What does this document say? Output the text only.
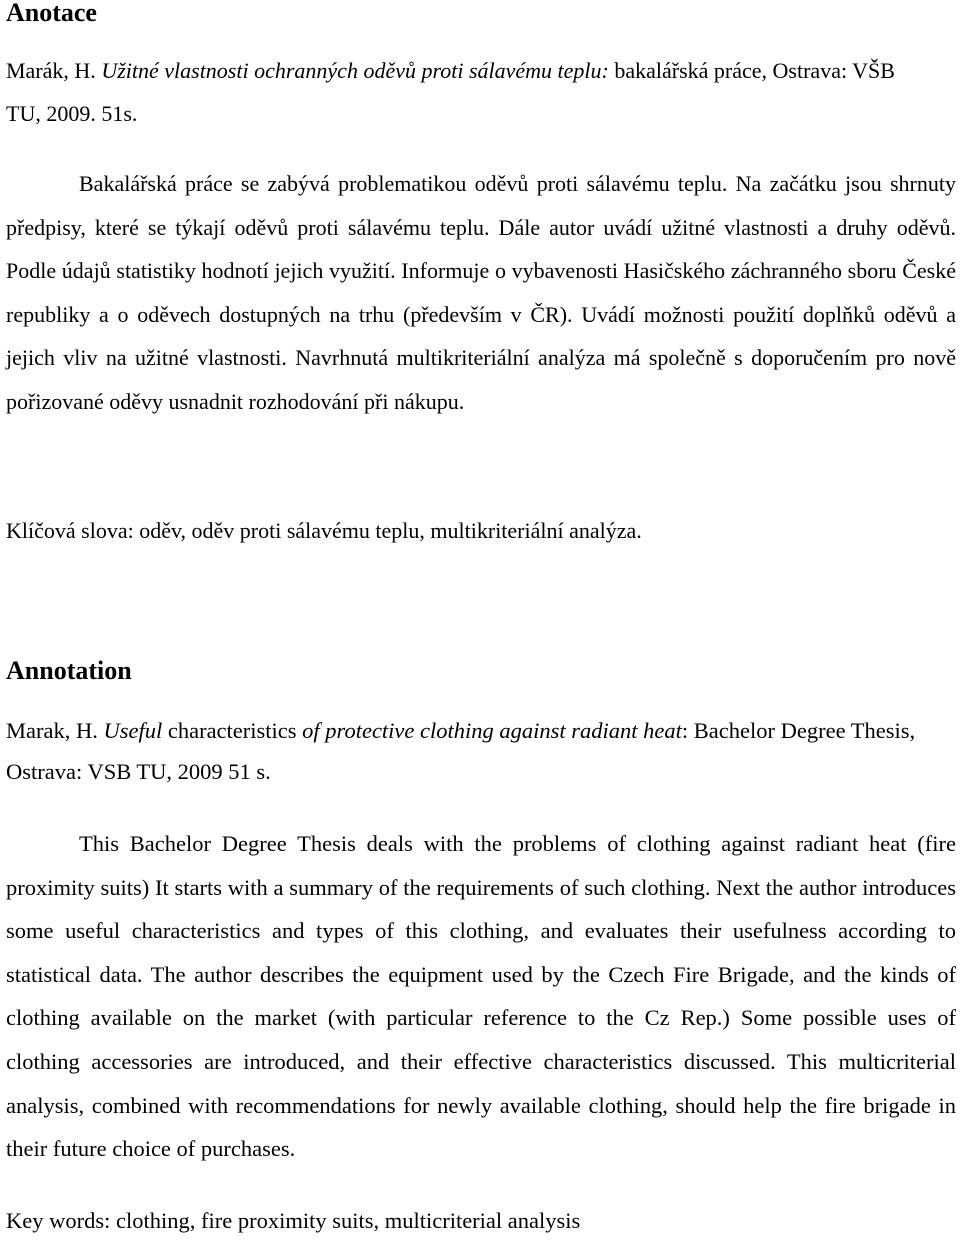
Anotace

Marák, H. Užitné vlastnosti ochranných oděvů proti sálavému teplu: bakalářská práce, Ostrava: VŠB TU, 2009. 51s.

Bakalářská práce se zabývá problematikou oděvů proti sálavému teplu. Na začátku jsou shrnuty předpisy, které se týkají oděvů proti sálavému teplu. Dále autor uvádí užitné vlastnosti a druhy oděvů. Podle údajů statistiky hodnotí jejich využití. Informuje o vybavenosti Hasičského záchranného sboru České republiky a o oděvech dostupných na trhu (především v ČR). Uvádí možnosti použití doplňků oděvů a jejich vliv na užitné vlastnosti. Navrhnutá multikriteriální analýza má společně s doporučením pro nově pořizované oděvy usnadnit rozhodování při nákupu.

Klíčová slova: oděv, oděv proti sálavému teplu, multikriteriální analýza.

Annotation

Marak, H. Useful characteristics of protective clothing against radiant heat: Bachelor Degree Thesis, Ostrava: VSB TU, 2009 51 s.

This Bachelor Degree Thesis deals with the problems of clothing against radiant heat (fire proximity suits) It starts with a summary of the requirements of such clothing. Next the author introduces some useful characteristics and types of this clothing, and evaluates their usefulness according to statistical data. The author describes the equipment used by the Czech Fire Brigade, and the kinds of clothing available on the market (with particular reference to the Cz Rep.) Some possible uses of clothing accessories are introduced, and their effective characteristics discussed. This multicriterial analysis, combined with recommendations for newly available clothing, should help the fire brigade in their future choice of purchases.

Key words: clothing, fire proximity suits, multicriterial analysis
